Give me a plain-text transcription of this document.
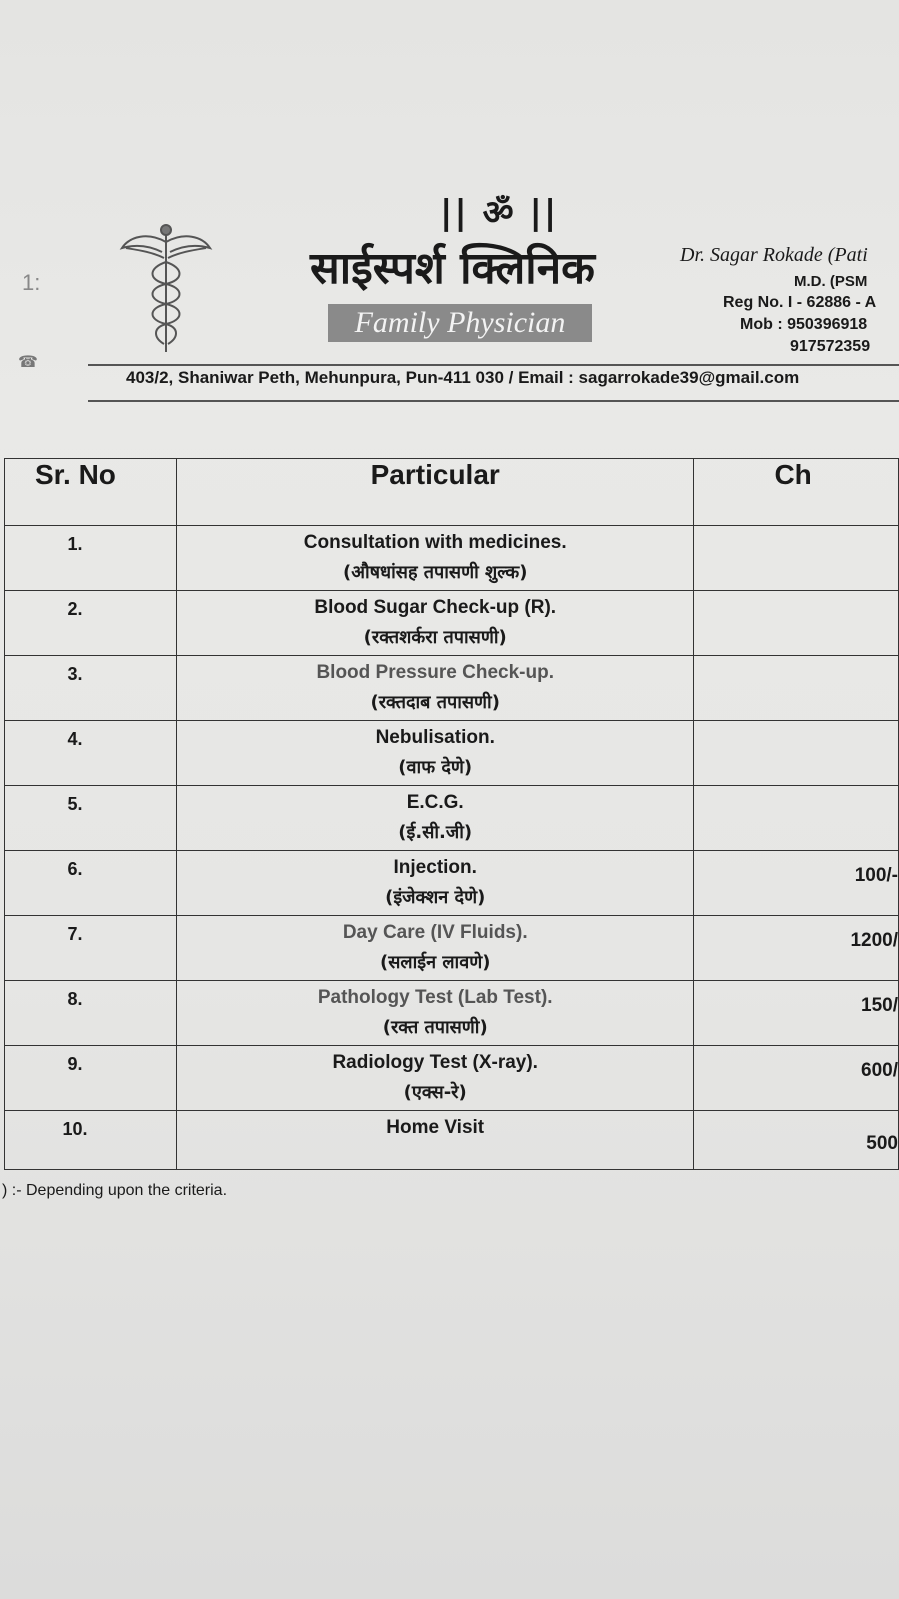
1:
☎
|| ॐ ||
साईस्पर्श क्लिनिक
Family Physician
Dr. Sagar Rokade (Pati
M.D. (PSM
Reg No. I - 62886 - A
Mob : 950396918
917572359
403/2, Shaniwar Peth, Mehunpura, Pun-411 030 / Email : sagarrokade39@gmail.com
Sr. No	Particular	Ch

1.	Consultation with medicines.
(औषधांसह तपासणी शुल्क)	

2.	Blood Sugar Check-up (R).
(रक्तशर्करा तपासणी)	

3.	Blood Pressure Check-up.
(रक्तदाब तपासणी)	

4.	Nebulisation.
(वाफ देणे)	

5.	E.C.G.
(ई.सी.जी)	

6.	Injection.
(इंजेक्शन देणे)	100/-

7.	Day Care (IV Fluids).
(सलाईन लावणे)	1200/

8.	Pathology Test (Lab Test).
(रक्त तपासणी)	150/

9.	Radiology Test (X-ray).
(एक्स-रे)	600/

10.	Home Visit	500
) :- Depending upon the criteria.
